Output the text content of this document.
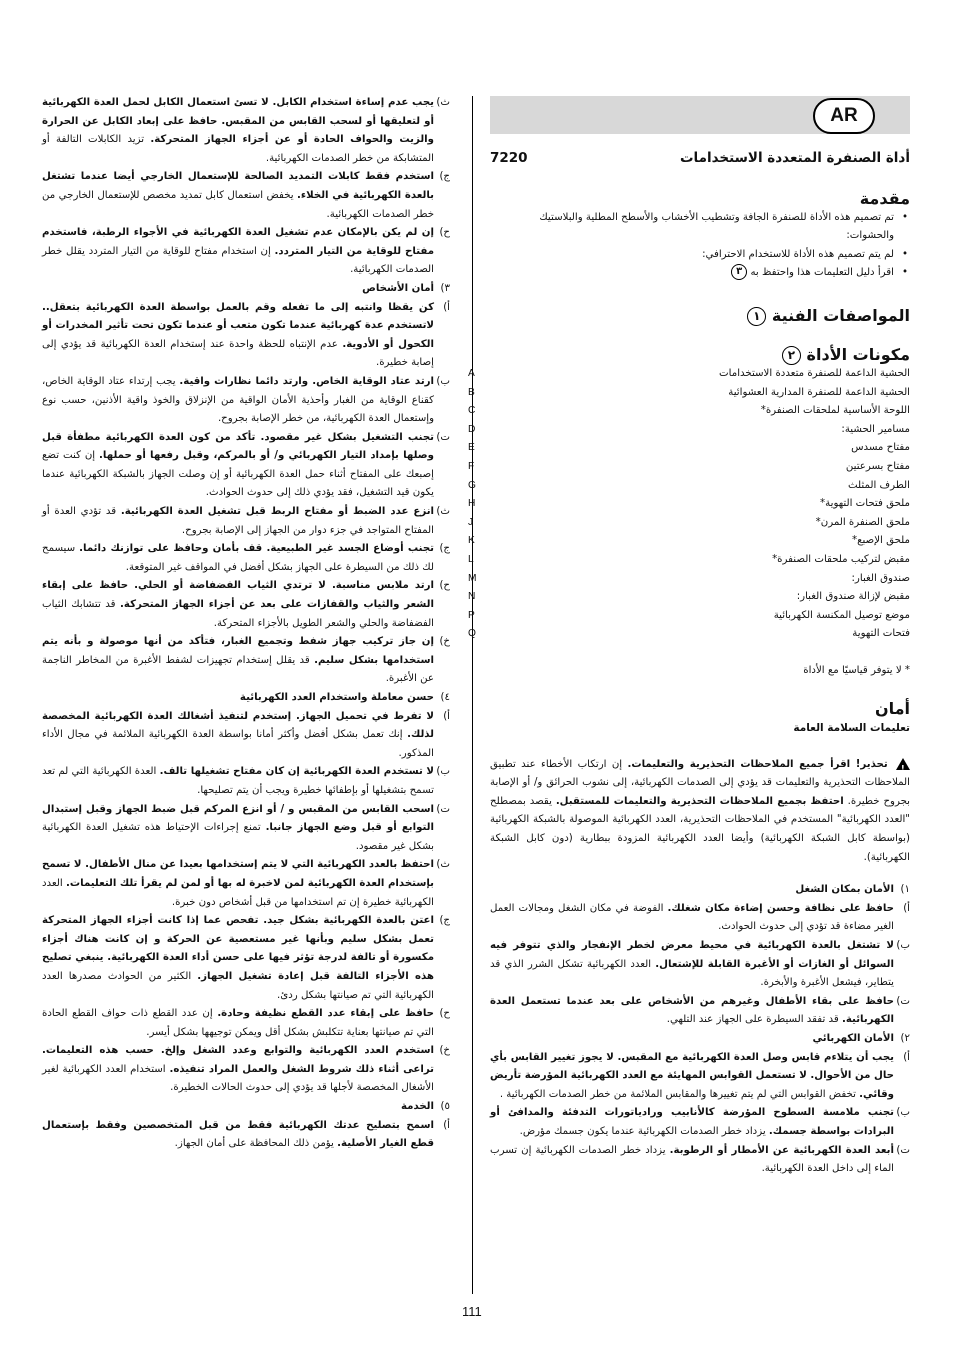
AR
أداة الصنفرة المتعددة الاستخدامات
7220

مقدمة

• تم تصميم هذه الأداة للصنفرة الجافة وتشطيب الأخشاب والأسطح المطلية والبلاستيك والحشوات:
• لم يتم تصميم هذه الأداة للاستخدام الاحترافي:
• اقرأ دليل التعليمات هذا واحتفظ به ٣

المواصفات الفنية ١

مكونات الأداة ٢

A	الحشية الداعمة للصنفرة متعددة الاستخدامات
B	الحشية الداعمة للصنفرة المدارية العشوائية
C	اللوحة الأساسية لملحقات الصنفرة*
D	مسامير الحشية:
E	مفتاح مسدس
F	مفتاح بسرعتين
G	الطرف المثلث
H	ملحق فتحات التهوية*
J	ملحق الصنفرة المرن*
K	ملحق الإصبع*
L	مقبض لتركيب ملحقات الصنفرة*
M	صندوق الغبار:
N	مقبض لإزالة صندوق الغبار:
P	موضع توصيل المكنسة الكهربائية
Q	فتحات التهوية

* لا يتوفر قياسيًا مع الأداة

أمان

تعليمات السلامة العامة

! تحذير! اقرأ جميع الملاحظات التحذيرية والتعليمات. إن ارتكاب الأخطاء عند تطبيق الملاحظات التحذيرية والتعليمات قد يؤدي إلى الصدمات الكهربائية، إلى نشوب الحرائق و/ أو الإصابة بجروح خطيرة. احتفظ بجميع الملاحظات التحذيرية والتعليمات للمستقبل. يقصد بمصطلح "العدد الكهربائية" المستخدم في الملاحظات التحذيرية، العدد الكهربائية الموصولة بالشبكة الكهربائية (بواسطة كابل الشبكة الكهربائية) وأيضا العدد الكهربائية المزودة ببطارية (دون كابل الشبكة الكهربائية).

١)
الأمان بمكان الشغل

أ)
حافظ على نظافة وحسن إضاءة مكان شغلك. الفوضة في مكان الشغل ومجالات العمل الغير مضاءة قد تؤدي إلى حدوث الحوادث.

ب)
لا تشتغل بالعدة الكهربائية في محيط معرض لخطر الإنفجار والذي تتوفر فيه السوائل أو الغازات أو الأغبرة القابلة للإشتعال. العدد الكهربائية تشكل الشرر الذي قد يتطاير، فيشعل الأغبرة والأبخرة.

ت)
حافظ على بقاء الأطفال وغيرهم من الأشخاص على بعد عندما تستعمل العدة الكهربائية. قد تفقد السيطرة على الجهاز عند التلهي.

٢)
الأمان الكهربائي

أ)
يجب أن يتلاءم قابس وصل العدة الكهربائية مع المقبس. لا يجوز تغيير القابس بأي حال من الأحوال. لا تستعمل القوابس المهايئة مع العدد الكهربائية المؤرضة تأريض وقائي. تخفض القوابس التي لم يتم تغييرها والمقابس الملائمة من خطر الصدمات الكهربائية .

ب)
تجنب ملامسة السطوح المؤرضة كالأنابيب ورادياتورات التدفئة والمدافئ أو البرادات بواسطة جسمك. يزداد خطر الصدمات الكهربائية عندما يكون جسمك مؤرض.

ت)
أبعد العدة الكهربائية عن الأمطار أو الرطوبة. يزداد خطر الصدمات الكهربائية إن تسرب الماء إلى داخل العدة الكهربائية.

ث)
يجب عدم إساءة استخدام الكابل. لا تسئ استعمال الكابل لحمل العدة الكهربائية أو لتعليقها أو لسحب القابس من المقبس. حافظ على إبعاد الكابل عن الحرارة والزيت والحواف الحادة أو عن أجزاء الجهاز المتحركة. تزيد الكابلات التالفة أو المتشابكة من خطر الصدمات الكهربائية.

ج)
استخدم فقط كابلات التمديد الصالحة للإستعمال الخارجي أيضا عندما تشتغل بالعدة الكهربائية في الخلاء. يخفض استعمال كابل تمديد مخصص للإستعمال الخارجي من خطر الصدمات الكهربائية.

ح)
إن لم يكن بالإمكان عدم تشغيل العدة الكهربائية في الأجواء الرطبة، فاستخدم مفتاح للوقاية من التيار المتردد. إن استخدام مفتاح للوقاية من التيار المتردد يقلل خطر الصدمات الكهربائية.

٣)
أمان الأشخاص

أ)
كن يقظا وانتبه إلى ما تفعله وقم بالعمل بواسطة العدة الكهربائية بتعقل.. لاتستخدم عدة كهربائية عندما تكون متعب أو عندما تكون تحت تأثير المخدرات أو الكحول أو الأدوية. عدم الإنتباه للحظة واحدة عند إستخدام العدة الكهربائية قد يؤدي إلى إصابة خطيرة.

ب)
ارتد عتاد الوقاية الخاص. وارتد دائما نظارات واقية. يجب إرتداء عتاد الوقاية الخاص، كقناع الوقاية من الغبار وأحذية الأمان الواقية من الإنزلاق والخوذ واقية الأذنين، حسب نوع وإستعمال العدة الكهربائية، من خطر الإصابة بجروح.

ت)
تجنب التشغيل بشكل غير مقصود. تأكد من كون العدة الكهربائية مطفأة قبل وصلها بإمداد التيار الكهربائي و/ أو بالمركم، وقبل رفعها أو حملها. إن كنت تضع إصبعك على المفتاح أثناء حمل العدة الكهربائية أو إن وصلت الجهاز بالشبكة الكهربائية عندما يكون قيد التشغيل، فقد يؤدي ذلك إلى حدوث الحوادث.

ث)
انزع عدد الضبط أو مفتاح الربط قبل تشغيل العدة الكهربائية. قد تؤدي العدة أو المفتاح المتواجد في جزء دوار من الجهاز إلى الإصابة بجروح.

ج)
تجنب أوضاع الجسد غير الطبيعية. قف بأمان وحافظ على توازنك دائما. سيسمح لك ذلك من السيطرة على الجهاز بشكل أفضل في المواقف غير المتوقعة.

ح)
ارتد ملابس مناسبة. لا ترتدي الثياب الفضفاضة أو الحلي. حافظ على إبقاء الشعر والثياب والقفازات على بعد عن أجزاء الجهاز المتحركة. قد تتشابك الثياب الفضفاضة والحلي والشعر الطويل بالأجزاء المتحركة.

خ)
إن جاز تركيب جهاز شفط وتجميع الغبار، فتأكد من أنها موصولة و بأنه يتم استخدامها بشكل سليم. قد يقلل إستخدام تجهيزات لشفط الأغبرة من المخاطر الناجمة عن الأغبرة.

٤)
حسن معاملة واستخدام العدد الكهربائية

أ)
لا تفرط في تحميل الجهاز. إستخدم لتنفيذ أشغالك العدة الكهربائية المخصصة لذلك. إنك تعمل بشكل أفضل وأكثر أمانا بواسطة العدة الكهربائية الملائمة في مجال الأداء المذكور.

ب)
لا تستخدم العدة الكهربائية إن كان مفتاح تشغيلها تالف. العدة الكهربائية التي لم تعد تسمح بتشغيلها أو بإطفائها خطيرة ويجب أن يتم تصليحها.

ت)
اسحب القابس من المقبس و / أو انزع المركم قبل ضبط الجهاز وقبل إستبدال التوابع أو قبل وضع الجهاز جانبا. تمنع إجراءات الإحتياط هذه تشغيل العدة الكهربائية بشكل غير مقصود.

ث)
احتفظ بالعدد الكهربائية التي لا يتم إستخدامها بعيدا عن منال الأطفال. لا تسمح بإستخدام العدة الكهربائية لمن لاخبرة له بها أو لمن لم يقرأ تلك التعليمات. العدد الكهربائية خطيرة إن تم استخدامها من قبل أشخاص دون خبرة.

ج)
اعتن بالعدة الكهربائية بشكل جيد. تفحص عما إذا كانت أجزاء الجهاز المتحركة تعمل بشكل سليم وبأنها غير مستعصية عن الحركة و إن كانت هناك أجزاء مكسورة أو تالفة لدرجة تؤثر فيها على حسن أداء العدة الكهربائية. ينبغي تصليح هذه الأجزاء التالفة قبل إعادة تشغيل الجهاز. الكثير من الحوادث مصدرها العدد الكهربائية التي تم صيانتها بشكل ردئ.

ح)
حافظ على إبقاء عدد القطع نظيفة وحادة. إن عدد القطع ذات حواف القطع الحادة التي تم صيانتها بعناية تتكلبش بشكل أقل ويمكن توجيهها بشكل أيسر.

خ)
استخدم العدد الكهربائية والتوابع وعدد الشغل وإلخ. حسب هذه التعليمات. تراعى أثناء ذلك شروط الشغل والعمل المراد تنفيذه. استخدام العدد الكهربائية لغير الأشغال المخصصة لأجلها قد يؤدي إلى حدوث الحالات الخطيرة.

٥)
الخدمة

أ)
اسمح بتصليح عدتك الكهربائية فقط من قبل المتخصصين وفقط بإستعمال قطع الغيار الأصلية. يؤمن ذلك المحافظة على أمان الجهاز.

111
